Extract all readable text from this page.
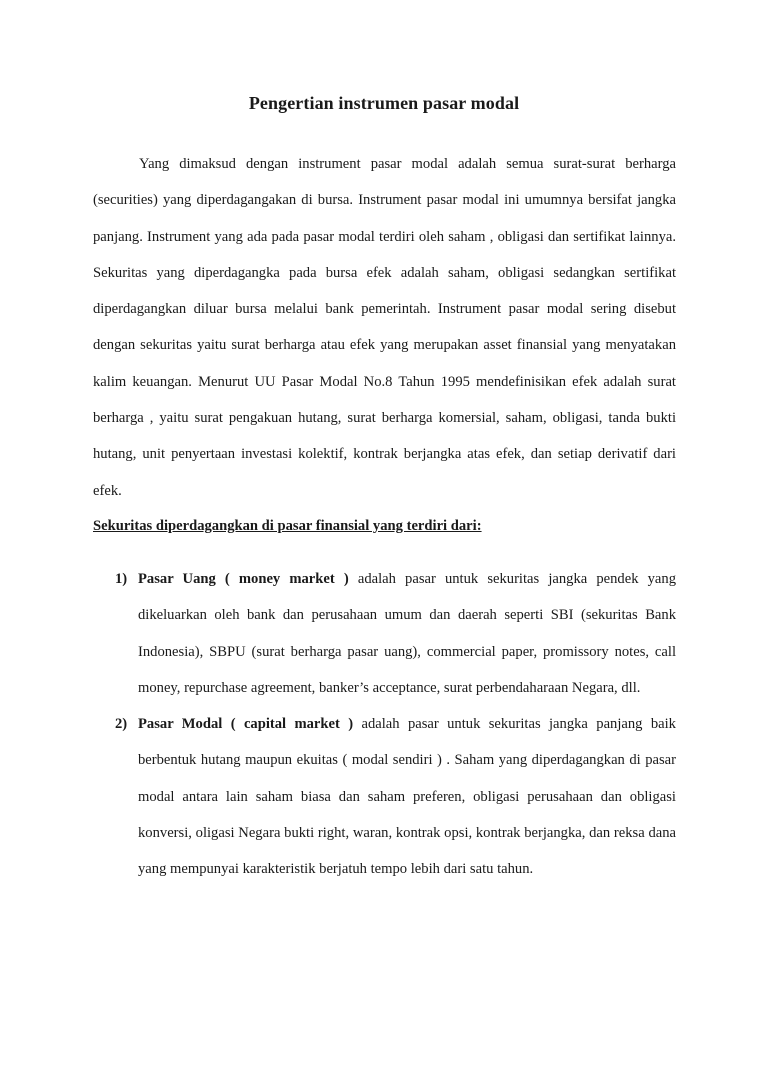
Pengertian instrumen pasar modal

Yang dimaksud dengan instrument pasar modal adalah semua surat-surat berharga (securities) yang diperdagangakan di bursa. Instrument pasar modal ini umumnya bersifat jangka panjang. Instrument yang ada pada pasar modal terdiri oleh saham , obligasi dan sertifikat lainnya. Sekuritas yang diperdagangka pada bursa efek adalah saham, obligasi sedangkan sertifikat diperdagangkan diluar bursa melalui bank pemerintah. Instrument pasar modal sering disebut dengan sekuritas yaitu surat berharga atau efek yang merupakan asset finansial yang menyatakan kalim keuangan. Menurut UU Pasar Modal No.8 Tahun 1995 mendefinisikan efek adalah surat berharga , yaitu surat pengakuan hutang, surat berharga komersial, saham, obligasi, tanda bukti hutang, unit penyertaan investasi kolektif, kontrak berjangka atas efek, dan setiap derivatif dari efek.

Sekuritas diperdagangkan di pasar finansial yang terdiri dari:

1) Pasar Uang ( money market ) adalah pasar untuk sekuritas jangka pendek yang dikeluarkan oleh bank dan perusahaan umum dan daerah seperti SBI (sekuritas Bank Indonesia), SBPU (surat berharga pasar uang), commercial paper, promissory notes, call money, repurchase agreement, banker’s acceptance, surat perbendaharaan Negara, dll.
2) Pasar Modal ( capital market ) adalah pasar untuk sekuritas jangka panjang baik berbentuk hutang maupun ekuitas ( modal sendiri ) . Saham yang diperdagangkan di pasar modal antara lain saham biasa dan saham preferen, obligasi perusahaan dan obligasi konversi, oligasi Negara bukti right, waran, kontrak opsi, kontrak berjangka, dan reksa dana yang mempunyai karakteristik berjatuh tempo lebih dari satu tahun.
